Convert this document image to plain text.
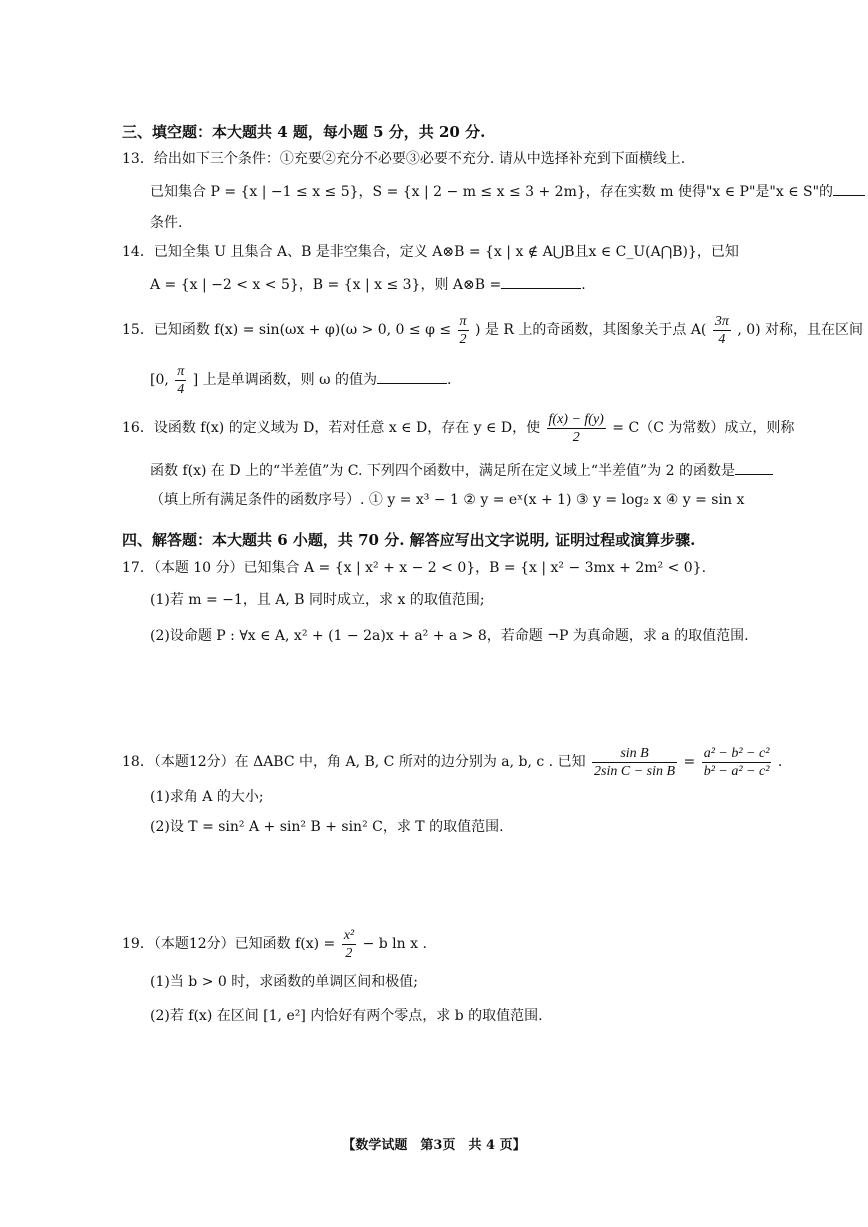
三、填空题：本大题共 4 题，每小题 5 分，共 20 分.
13．给出如下三个条件：①充要②充分不必要③必要不充分. 请从中选择补充到下面横线上.
已知集合 P = {x | −1 ≤ x ≤ 5}，S = {x | 2 − m ≤ x ≤ 3 + 2m}，存在实数 m 使得"x ∈ P"是"x ∈ S"的
条件.
14．已知全集 U 且集合 A、B 是非空集合，定义 A⊗B = {x | x ∉ A⋃B且x ∈ C_U(A⋂B)}，已知
A = {x | −2 < x < 5}，B = {x | x ≤ 3}，则 A⊗B =	.
15．已知函数 f(x) = sin(ωx + φ)(ω > 0, $0 \le \varphi \le \frac{\pi}{2}$ ) 是 R 上的奇函数，其图象关于点 $A( \frac{3\pi}{4}$ , 0) 对称，且在区间
[0, $\frac{\pi}{4}$ ] 上是单调函数，则 ω 的值为	.
16．设函数 f(x) 的定义域为 D，若对任意 x ∈ D，存在 y ∈ D，使 $\frac{f(x) - f(y)}{2} = C(C$ 为常数）成立，则称
函数 f(x) 在 D 上的“半差值”为 C. 下列四个函数中，满足所在定义域上“半差值”为 2 的函数是
（填上所有满足条件的函数序号）. ① y = x³ − 1 ② y = eˣ(x + 1) ③ y = log₂ x ④ y = sin x
四、解答题：本大题共 6 小题，共 70 分. 解答应写出文字说明, 证明过程或演算步骤.
17．（本题 10 分）已知集合 A = {x | x² + x − 2 < 0}，B = {x | x² − 3mx + 2m² < 0}.
(1)若 m = −1，且 A, B 同时成立，求 x 的取值范围;
(2)设命题 P : ∀x ∈ A, x² + (1 − 2a)x + a² + a > 8，若命题 ¬P 为真命题，求 a 的取值范围.
18．（本题12分）在 ΔABC 中，角 A, B, C 所对的边分别为 a, b, c . 已知 $\frac{\text{sin B}}{\text{2sin C − sin B}} = \frac{\text{a² − b² − c²}}{\text{b² − a² − c²}}$ .
(1)求角 A 的大小;
(2)设 T = sin² A + sin² B + sin² C，求 T 的取值范围.
19．（本题12分）已知函数 $f(x) = \frac{\text{x²}}{2} - b$ ln x .
(1)当 b > 0 时，求函数的单调区间和极值;
(2)若 f(x) 在区间 [1, e²] 内恰好有两个零点，求 b 的取值范围.
【数学试题　第3页　共 4 页】
